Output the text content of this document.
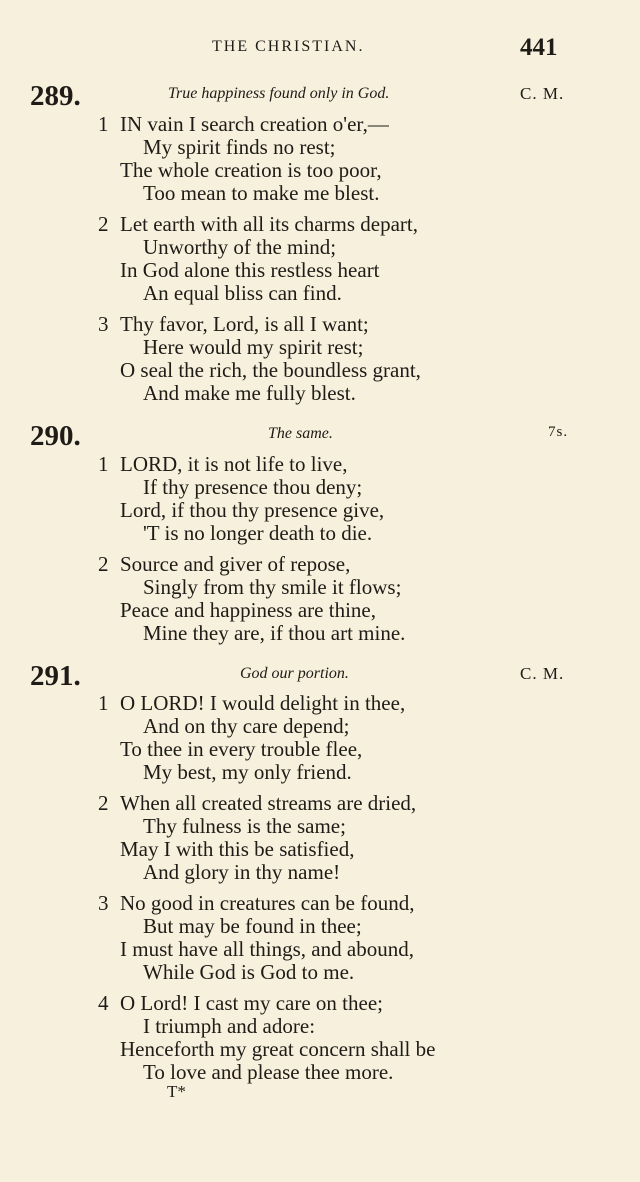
THE CHRISTIAN.	441
289.	True happiness found only in God.	C. M.
1 IN vain I search creation o'er,—
My spirit finds no rest;
The whole creation is too poor,
Too mean to make me blest.
2 Let earth with all its charms depart,
Unworthy of the mind;
In God alone this restless heart
An equal bliss can find.
3 Thy favor, Lord, is all I want;
Here would my spirit rest;
O seal the rich, the boundless grant,
And make me fully blest.
290.	The same.	7s.
1 LORD, it is not life to live,
If thy presence thou deny;
Lord, if thou thy presence give,
'T is no longer death to die.
2 Source and giver of repose,
Singly from thy smile it flows;
Peace and happiness are thine,
Mine they are, if thou art mine.
291.	God our portion.	C. M.
1 O LORD! I would delight in thee,
And on thy care depend;
To thee in every trouble flee,
My best, my only friend.
2 When all created streams are dried,
Thy fulness is the same;
May I with this be satisfied,
And glory in thy name!
3 No good in creatures can be found,
But may be found in thee;
I must have all things, and abound,
While God is God to me.
4 O Lord! I cast my care on thee;
I triumph and adore:
Henceforth my great concern shall be
To love and please thee more.
T*
